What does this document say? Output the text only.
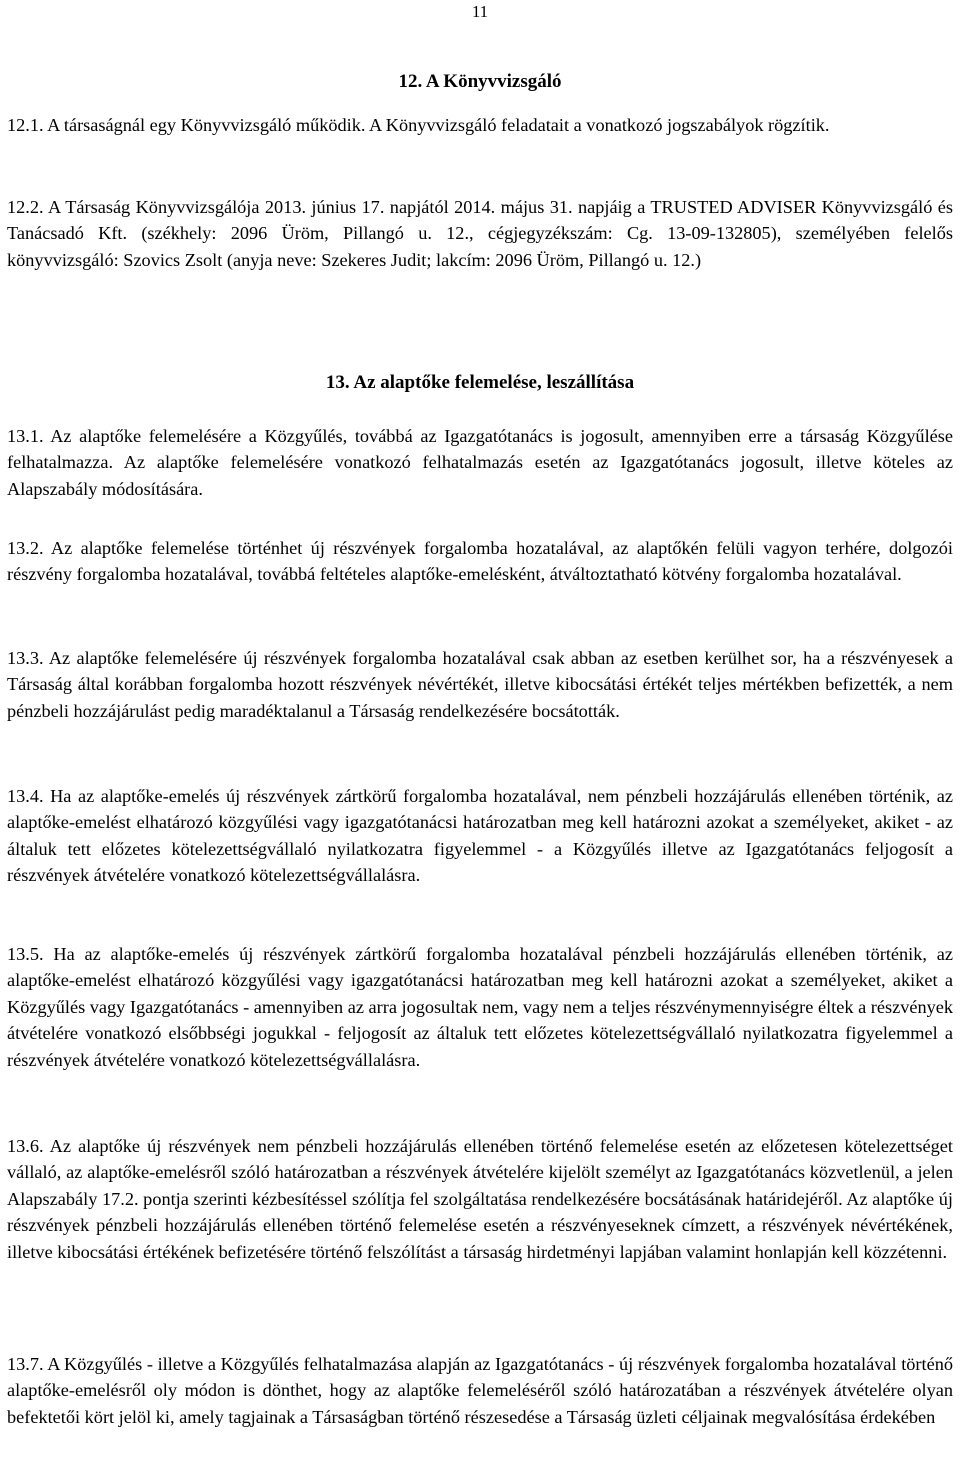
11
12. A Könyvvizsgáló

12.1. A társaságnál egy Könyvvizsgáló működik. A Könyvvizsgáló feladatait a vonatkozó jogszabályok rögzítik.

12.2. A Társaság Könyvvizsgálója 2013. június 17. napjától 2014. május 31. napjáig a TRUSTED ADVISER Könyvvizsgáló és Tanácsadó Kft. (székhely: 2096 Üröm, Pillangó u. 12., cégjegyzékszám: Cg. 13-09-132805), személyében felelős könyvvizsgáló: Szovics Zsolt (anyja neve: Szekeres Judit; lakcím: 2096 Üröm, Pillangó u. 12.)

13. Az alaptőke felemelése, leszállítása

13.1. Az alaptőke felemelésére a Közgyűlés, továbbá az Igazgatótanács is jogosult, amennyiben erre a társaság Közgyűlése felhatalmazza. Az alaptőke felemelésére vonatkozó felhatalmazás esetén az Igazgatótanács jogosult, illetve köteles az Alapszabály módosítására.

13.2. Az alaptőke felemelése történhet új részvények forgalomba hozatalával, az alaptőkén felüli vagyon terhére, dolgozói részvény forgalomba hozatalával, továbbá feltételes alaptőke-emelésként, átváltoztatható kötvény forgalomba hozatalával.

13.3. Az alaptőke felemelésére új részvények forgalomba hozatalával csak abban az esetben kerülhet sor, ha a részvényesek a Társaság által korábban forgalomba hozott részvények névértékét, illetve kibocsátási értékét teljes mértékben befizették, a nem pénzbeli hozzájárulást pedig maradéktalanul a Társaság rendelkezésére bocsátották.

13.4. Ha az alaptőke-emelés új részvények zártkörű forgalomba hozatalával, nem pénzbeli hozzájárulás ellenében történik, az alaptőke-emelést elhatározó közgyűlési vagy igazgatótanácsi határozatban meg kell határozni azokat a személyeket, akiket - az általuk tett előzetes kötelezettségvállaló nyilatkozatra figyelemmel - a Közgyűlés illetve az Igazgatótanács feljogosít a részvények átvételére vonatkozó kötelezettségvállalásra.

13.5. Ha az alaptőke-emelés új részvények zártkörű forgalomba hozatalával pénzbeli hozzájárulás ellenében történik, az alaptőke-emelést elhatározó közgyűlési vagy igazgatótanácsi határozatban meg kell határozni azokat a személyeket, akiket a Közgyűlés vagy Igazgatótanács - amennyiben az arra jogosultak nem, vagy nem a teljes részvénymennyiségre éltek a részvények átvételére vonatkozó elsőbbségi jogukkal - feljogosít az általuk tett előzetes kötelezettségvállaló nyilatkozatra figyelemmel a részvények átvételére vonatkozó kötelezettségvállalásra.

13.6. Az alaptőke új részvények nem pénzbeli hozzájárulás ellenében történő felemelése esetén az előzetesen kötelezettséget vállaló, az alaptőke-emelésről szóló határozatban a részvények átvételére kijelölt személyt az Igazgatótanács közvetlenül, a jelen Alapszabály 17.2. pontja szerinti kézbesítéssel szólítja fel szolgáltatása rendelkezésére bocsátásának határidejéről. Az alaptőke új részvények pénzbeli hozzájárulás ellenében történő felemelése esetén a részvényeseknek címzett, a részvények névértékének, illetve kibocsátási értékének befizetésére történő felszólítást a társaság hirdetményi lapjában valamint honlapján kell közzétenni.

13.7. A Közgyűlés - illetve a Közgyűlés felhatalmazása alapján az Igazgatótanács - új részvények forgalomba hozatalával történő alaptőke-emelésről oly módon is dönthet, hogy az alaptőke felemeléséről szóló határozatában a részvények átvételére olyan befektetői kört jelöl ki, amely tagjainak a Társaságban történő részesedése a Társaság üzleti céljainak megvalósítása érdekében
